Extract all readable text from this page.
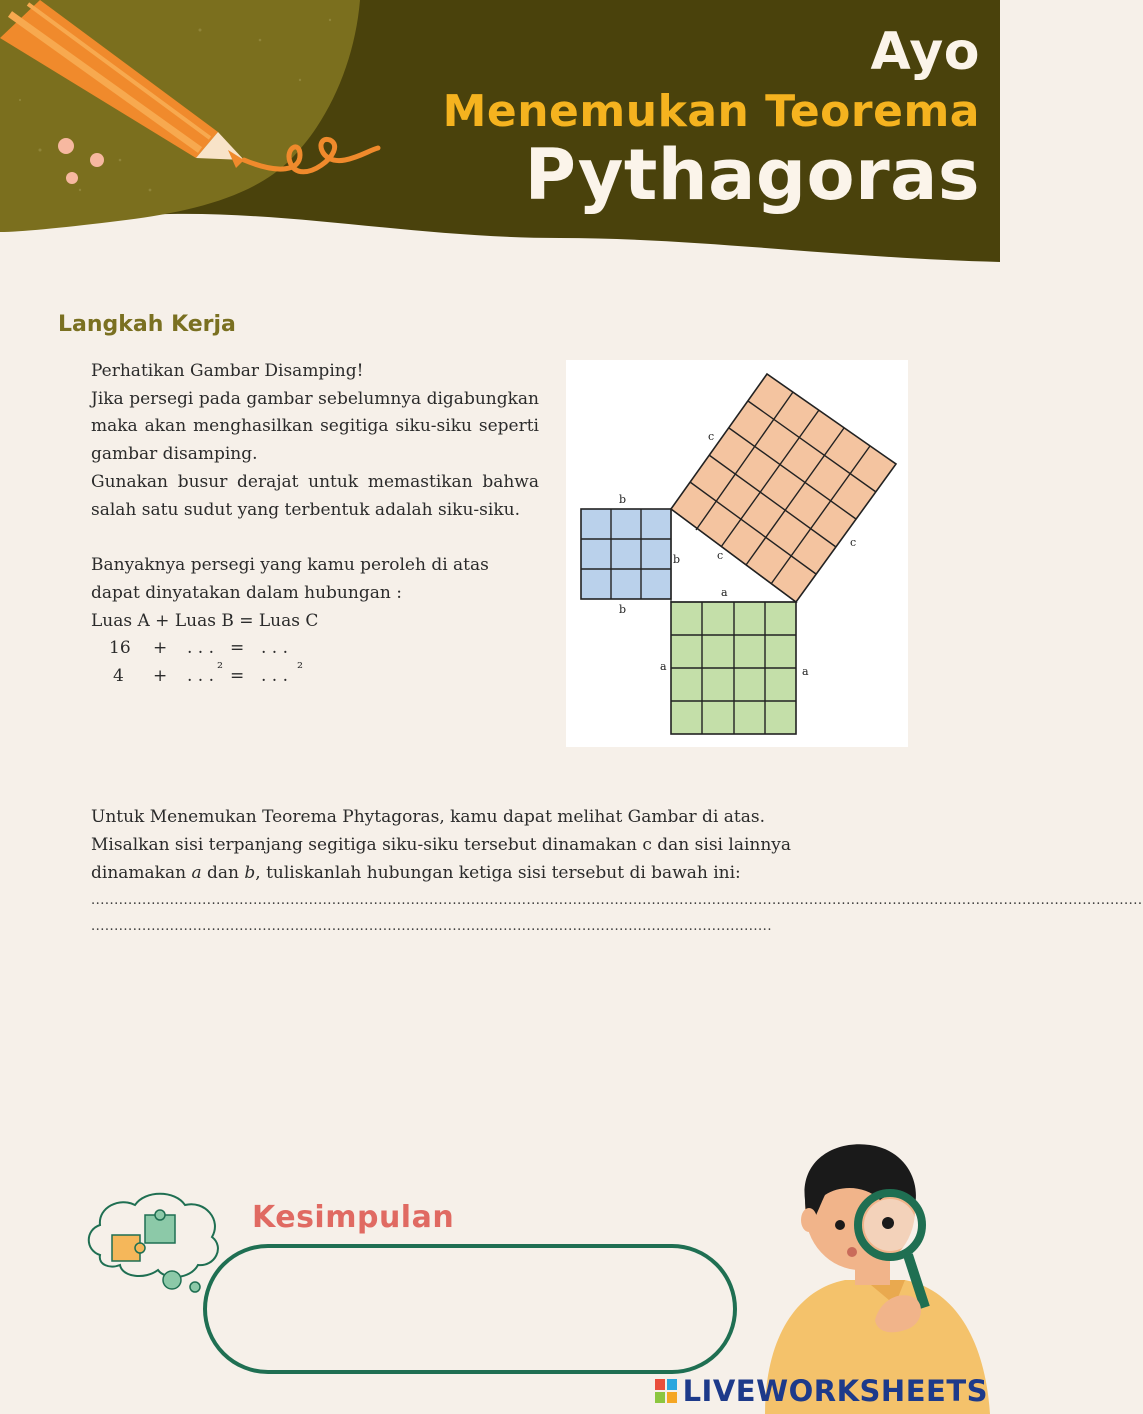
Ayo
Menemukan Teorema
Pythagoras
Langkah Kerja
Perhatikan Gambar Disamping!
Jika persegi pada gambar sebelumnya digabungkan maka akan menghasilkan segitiga siku-siku seperti gambar disamping.
Gunakan busur derajat untuk memastikan bahwa salah satu sudut yang terbentuk adalah siku-siku.
Banyaknya persegi yang kamu peroleh di atas dapat dinyatakan dalam hubungan :
Luas A + Luas B = Luas C
16 + . . . = . . .
4 + . . . ² = . . . ²
b
b
b
a
a	a
c
c
c
Untuk Menemukan Teorema Phytagoras, kamu dapat melihat Gambar di atas.
Misalkan sisi terpanjang segitiga siku-siku tersebut dinamakan c dan sisi lainnya
dinamakan a dan b, tuliskanlah hubungan ketiga sisi tersebut di bawah ini:
...................................................................................................................................................................................................................................
...................................................................................................................................................
Kesimpulan
LIVEWORKSHEETS
